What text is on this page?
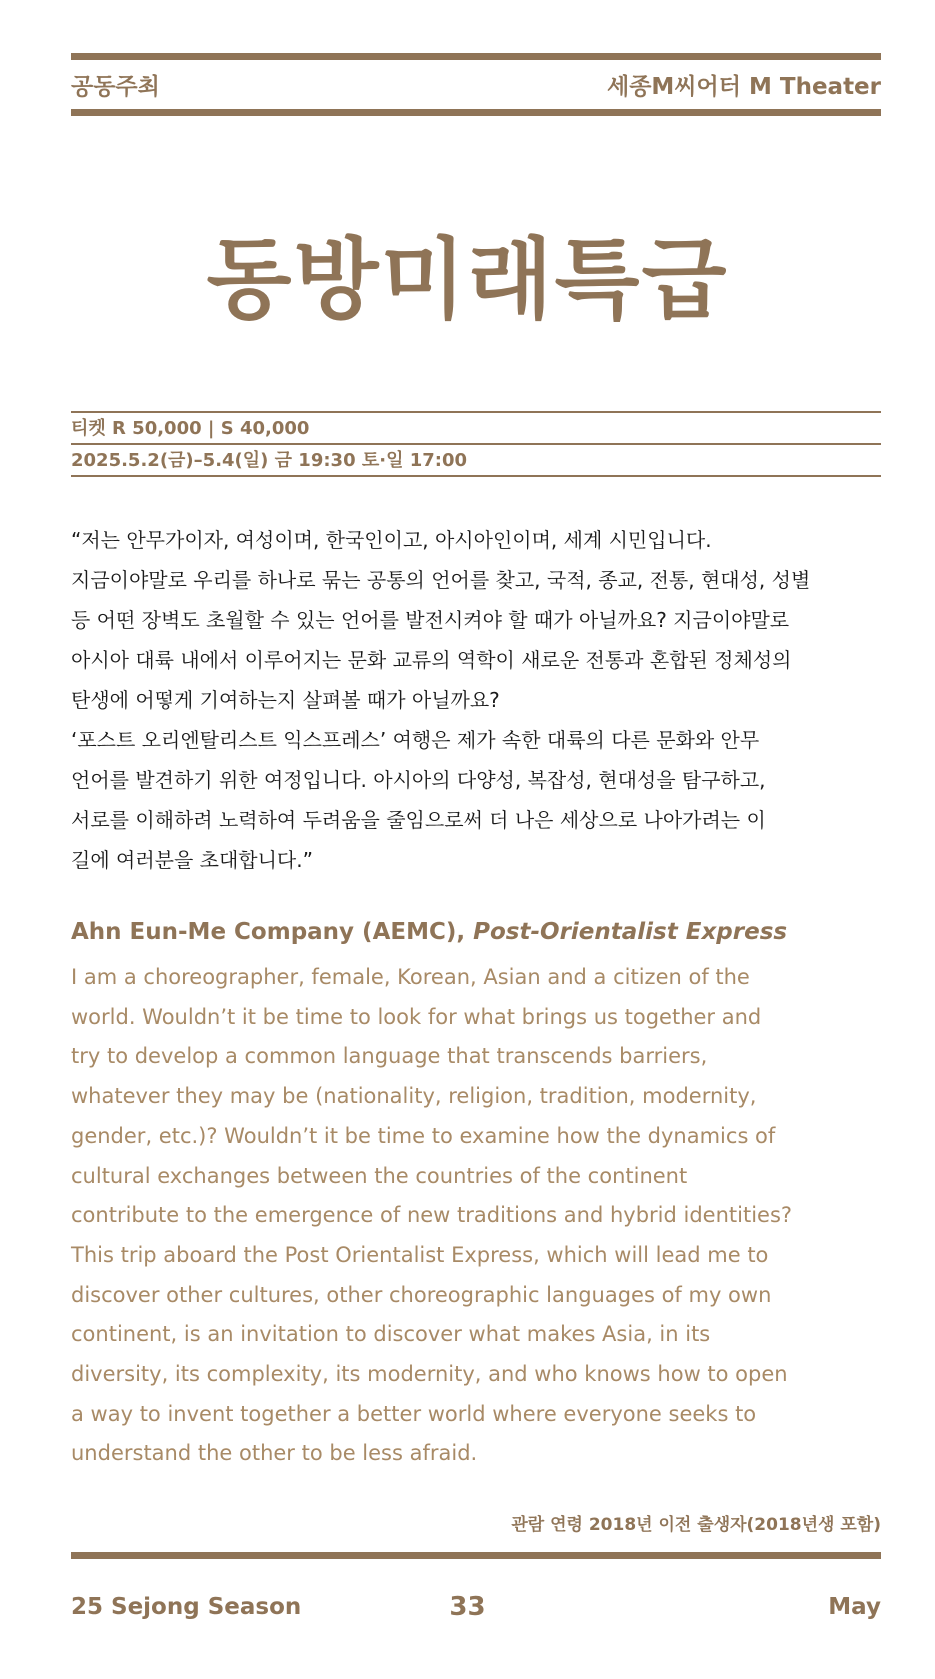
공동주최	세종M씨어터 M Theater
동방미래특급
티켓 R 50,000 | S 40,000
2025.5.2(금)–5.4(일) 금 19:30 토·일 17:00

“저는 안무가이자, 여성이며, 한국인이고, 아시아인이며, 세계 시민입니다.

지금이야말로 우리를 하나로 묶는 공통의 언어를 찾고, 국적, 종교, 전통, 현대성, 성별

등 어떤 장벽도 초월할 수 있는 언어를 발전시켜야 할 때가 아닐까요? 지금이야말로

아시아 대륙 내에서 이루어지는 문화 교류의 역학이 새로운 전통과 혼합된 정체성의

탄생에 어떻게 기여하는지 살펴볼 때가 아닐까요?

‘포스트 오리엔탈리스트 익스프레스’ 여행은 제가 속한 대륙의 다른 문화와 안무

언어를 발견하기 위한 여정입니다. 아시아의 다양성, 복잡성, 현대성을 탐구하고,

서로를 이해하려 노력하여 두려움을 줄임으로써 더 나은 세상으로 나아가려는 이

길에 여러분을 초대합니다.”

Ahn Eun-Me Company (AEMC), Post-Orientalist Express

I am a choreographer, female, Korean, Asian and a citizen of the

world. Wouldn’t it be time to look for what brings us together and

try to develop a common language that transcends barriers,

whatever they may be (nationality, religion, tradition, modernity,

gender, etc.)? Wouldn’t it be time to examine how the dynamics of

cultural exchanges between the countries of the continent

contribute to the emergence of new traditions and hybrid identities?

This trip aboard the Post Orientalist Express, which will lead me to

discover other cultures, other choreographic languages of my own

continent, is an invitation to discover what makes Asia, in its

diversity, its complexity, its modernity, and who knows how to open

a way to invent together a better world where everyone seeks to

understand the other to be less afraid.

관람 연령 2018년 이전 출생자(2018년생 포함)
25 Sejong Season	33	May
